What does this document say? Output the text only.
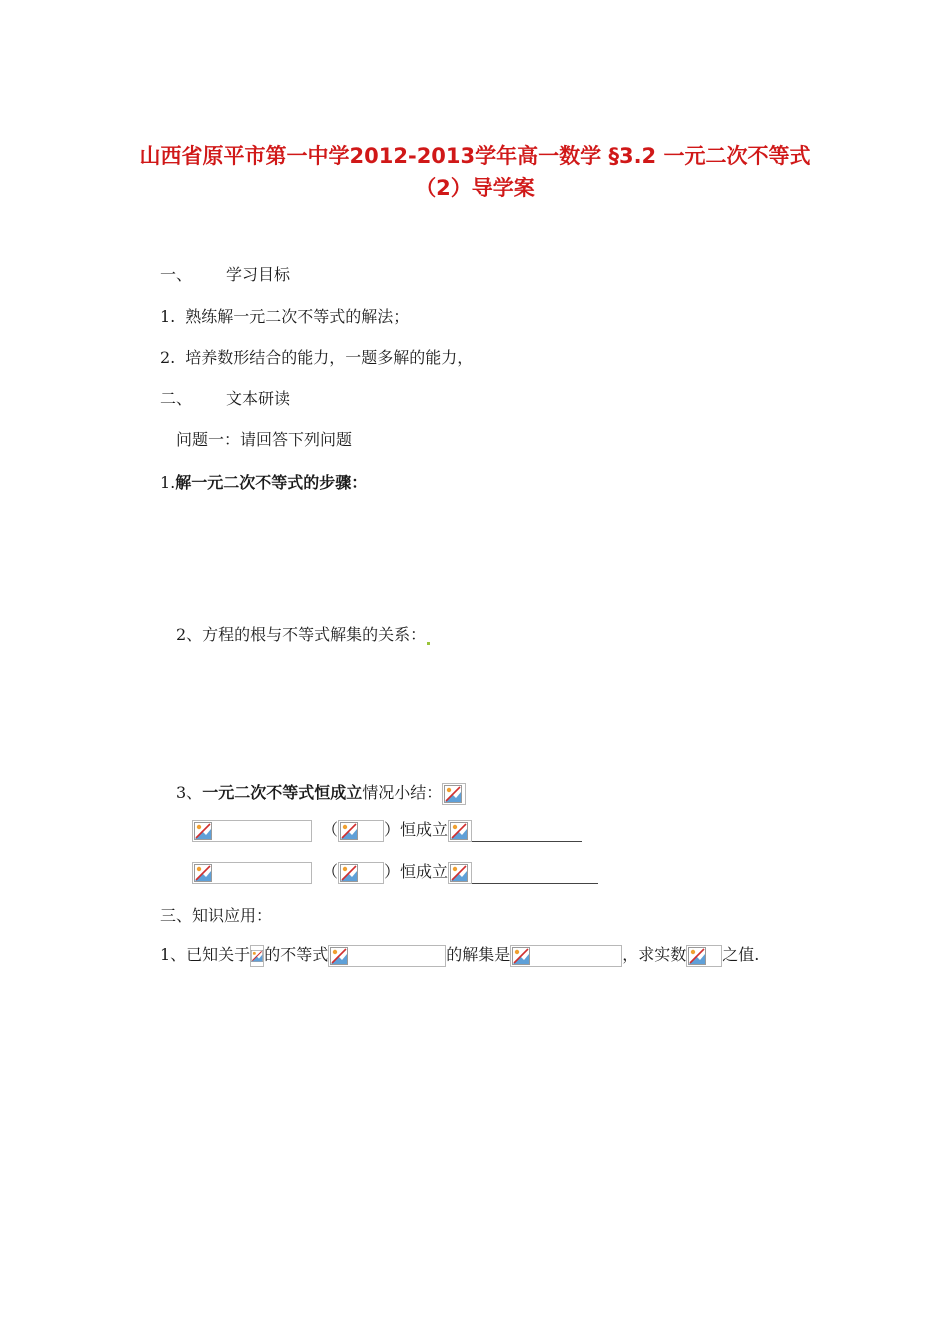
山西省原平市第一中学2012-2013学年高一数学 §3.2 一元二次不等式
（2）导学案
一、 学习目标
1. 熟练解一元二次不等式的解法；
2. 培养数形结合的能力，一题多解的能力，
二、 文本研读
问题一：请回答下列问题
1.解一元二次不等式的步骤：
2、方程的根与不等式解集的关系：
3、一元二次不等式恒成立情况小结：
（	）恒成立
（	）恒成立
三、知识应用：
1、已知关于 的不等式	的解集是	，求实数 之值.
